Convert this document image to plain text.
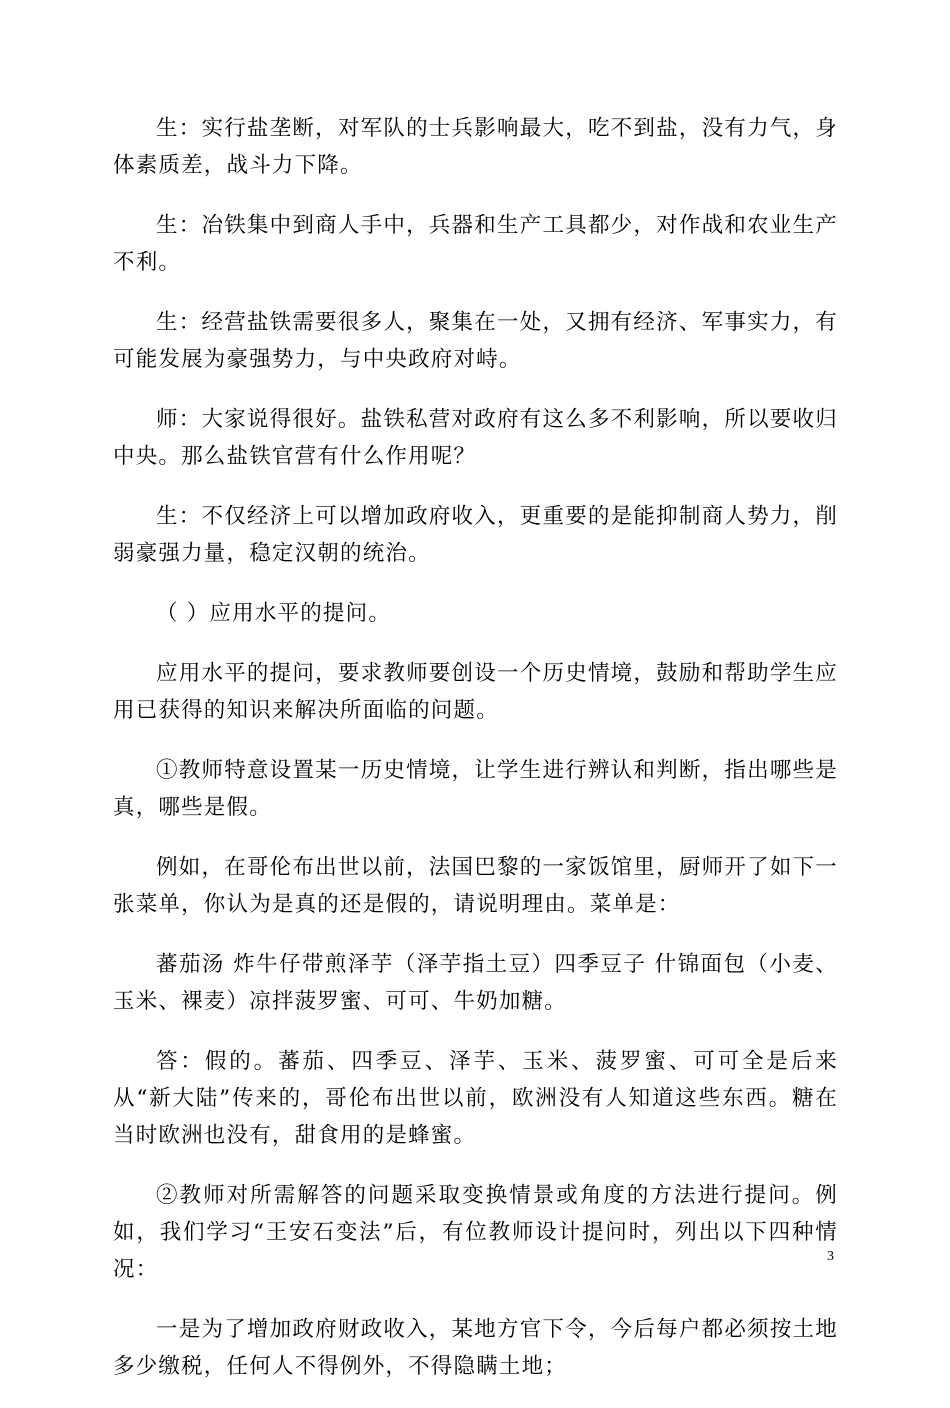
生：实行盐垄断，对军队的士兵影响最大，吃不到盐，没有力气，身体素质差，战斗力下降。

生：冶铁集中到商人手中，兵器和生产工具都少，对作战和农业生产不利。

生：经营盐铁需要很多人，聚集在一处，又拥有经济、军事实力，有可能发展为豪强势力，与中央政府对峙。

师：大家说得很好。盐铁私营对政府有这么多不利影响，所以要收归中央。那么盐铁官营有什么作用呢？

生：不仅经济上可以增加政府收入，更重要的是能抑制商人势力，削弱豪强力量，稳定汉朝的统治。

（ ）应用水平的提问。

应用水平的提问，要求教师要创设一个历史情境，鼓励和帮助学生应用已获得的知识来解决所面临的问题。

①教师特意设置某一历史情境，让学生进行辨认和判断，指出哪些是真，哪些是假。

例如，在哥伦布出世以前，法国巴黎的一家饭馆里，厨师开了如下一张菜单，你认为是真的还是假的，请说明理由。菜单是：

蕃茄汤 炸牛仔带煎泽芋（泽芋指土豆）四季豆子 什锦面包（小麦、玉米、裸麦）凉拌菠罗蜜、可可、牛奶加糖。

答：假的。蕃茄、四季豆、泽芋、玉米、菠罗蜜、可可全是后来从“新大陆”传来的，哥伦布出世以前，欧洲没有人知道这些东西。糖在当时欧洲也没有，甜食用的是蜂蜜。

②教师对所需解答的问题采取变换情景或角度的方法进行提问。例如，我们学习“王安石变法”后，有位教师设计提问时，列出以下四种情况：

一是为了增加政府财政收入，某地方官下令，今后每户都必须按土地多少缴税，任何人不得例外，不得隐瞒土地；

3
